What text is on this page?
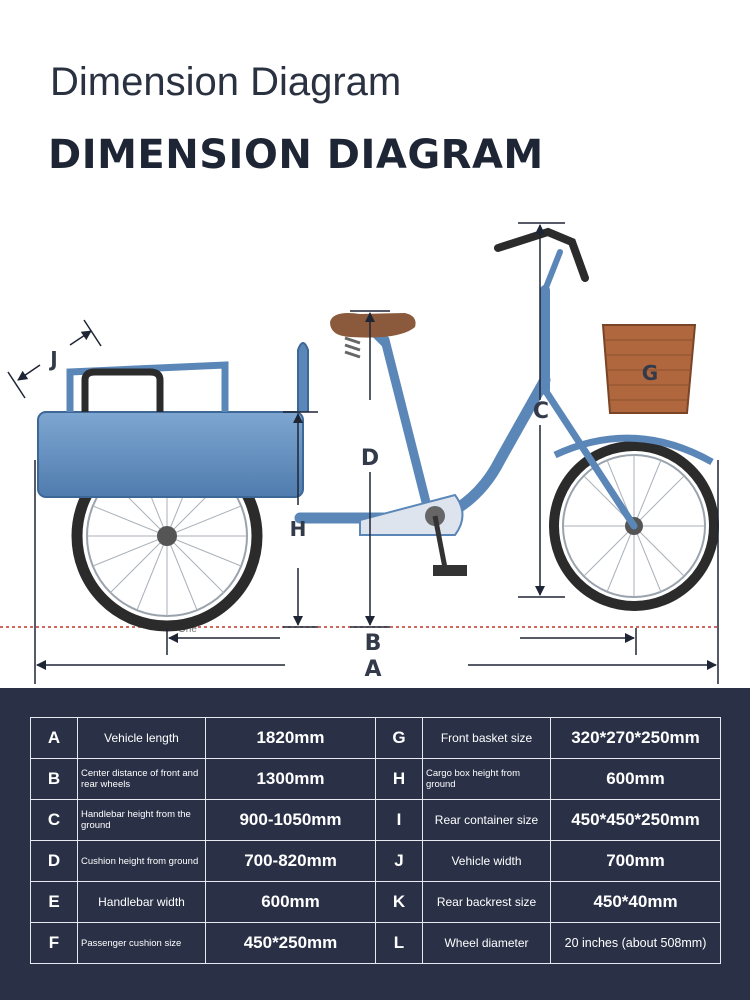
Dimension Diagram
DIMENSION DIAGRAM
One
A
B
C
D
G
H
J
A	Vehicle length	1820mm	G	Front basket size	320*270*250mm
B	Center distance of front and rear wheels	1300mm	H	Cargo box height from ground	600mm
C	Handlebar height from the ground	900-1050mm	I	Rear container size	450*450*250mm
D	Cushion height from ground	700-820mm	J	Vehicle width	700mm
E	Handlebar width	600mm	K	Rear backrest size	450*40mm
F	Passenger cushion size	450*250mm	L	Wheel diameter	20 inches (about 508mm)
